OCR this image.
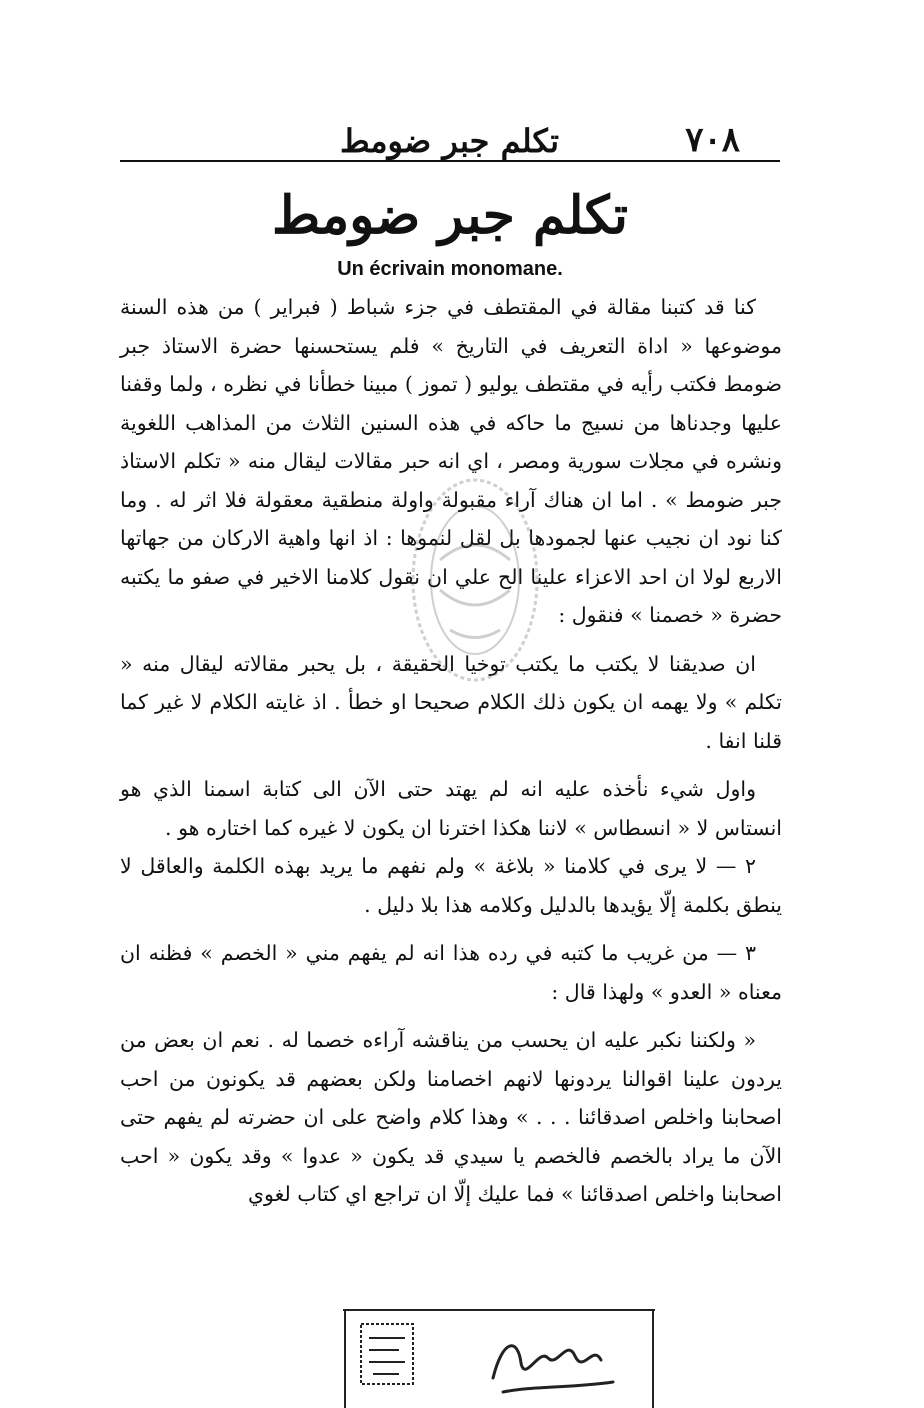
٧٠٨
تكلم جبر ضومط
تكلم جبر ضومط
Un écrivain monomane.

كنا قد كتبنا مقالة في المقتطف في جزء شباط ( فبراير ) من هذه السنة موضوعها « اداة التعريف في التاريخ » فلم يستحسنها حضرة الاستاذ جبر ضومط فكتب رأيه في مقتطف يوليو ( تموز ) مبينا خطأنا في نظره ، ولما وقفنا عليها وجدناها من نسيج ما حاكه في هذه السنين الثلاث من المذاهب اللغوية ونشره في مجلات سورية ومصر ، اي انه حبر مقالات ليقال منه « تكلم الاستاذ جبر ضومط » . اما ان هناك آراء مقبولة واولة منطقية معقولة فلا اثر له . وما كنا نود ان نجيب عنها لجمودها بل لقل لنموها : اذ انها واهية الاركان من جهاتها الاربع لولا ان احد الاعزاء علينا الح علي ان نقول كلامنا الاخير في صفو ما يكتبه حضرة « خصمنا » فنقول :

ان صديقنا لا يكتب ما يكتب توخيا الحقيقة ، بل يحبر مقالاته ليقال منه « تكلم » ولا يهمه ان يكون ذلك الكلام صحيحا او خطأ . اذ غايته الكلام لا غير كما قلنا انفا .

واول شيء نأخذه عليه انه لم يهتد حتى الآن الى كتابة اسمنا الذي هو انستاس لا « انسطاس » لاننا هكذا اخترنا ان يكون لا غيره كما اختاره هو .

٢ — لا يرى في كلامنا « بلاغة » ولم نفهم ما يريد بهذه الكلمة والعاقل لا ينطق بكلمة إلّا يؤيدها بالدليل وكلامه هذا بلا دليل .

٣ — من غريب ما كتبه في رده هذا انه لم يفهم مني « الخصم » فظنه ان معناه « العدو » ولهذا قال :

« ولكننا نكبر عليه ان يحسب من يناقشه آراءه خصما له . نعم ان بعض من يردون علينا اقوالنا يردونها لانهم اخصامنا ولكن بعضهم قد يكونون من احب اصحابنا واخلص اصدقائنا . . . » وهذا كلام واضح على ان حضرته لم يفهم حتى الآن ما يراد بالخصم فالخصم يا سيدي قد يكون « عدوا » وقد يكون « احب اصحابنا واخلص اصدقائنا » فما عليك إلّا ان تراجع اي كتاب لغوي
